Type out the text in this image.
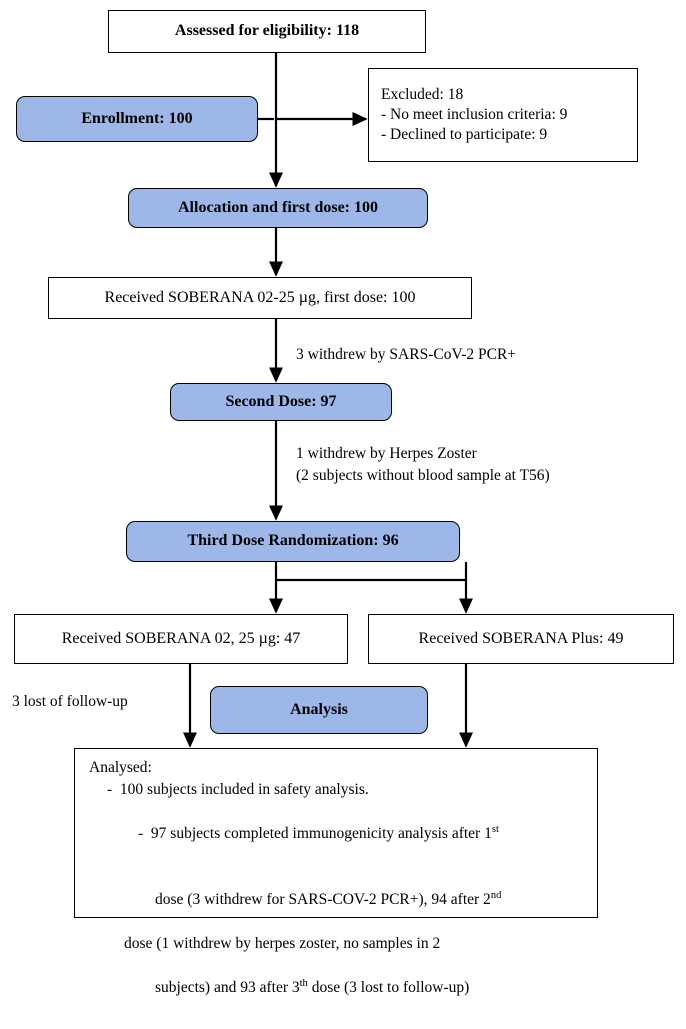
Assessed for eligibility: 118
Enrollment: 100
Excluded: 18
- No meet inclusion criteria: 9
- Declined to participate: 9
Allocation and first dose: 100
Received SOBERANA 02-25 µg, first dose: 100
3 withdrew by SARS-CoV-2 PCR+
Second Dose: 97
1 withdrew by Herpes Zoster
(2 subjects without blood sample at T56)
Third Dose Randomization: 96
Received SOBERANA 02, 25 µg: 47	Received SOBERANA Plus: 49
3 lost of follow-up	Analysis
Analysed:
-  100 subjects included in safety analysis.

-  97 subjects completed immunogenicity analysis after 1st

dose (3 withdrew for SARS-COV-2 PCR+), 94 after 2nd

dose (1 withdrew by herpes zoster, no samples in 2

subjects) and 93 after 3th dose (3 lost to follow-up)
